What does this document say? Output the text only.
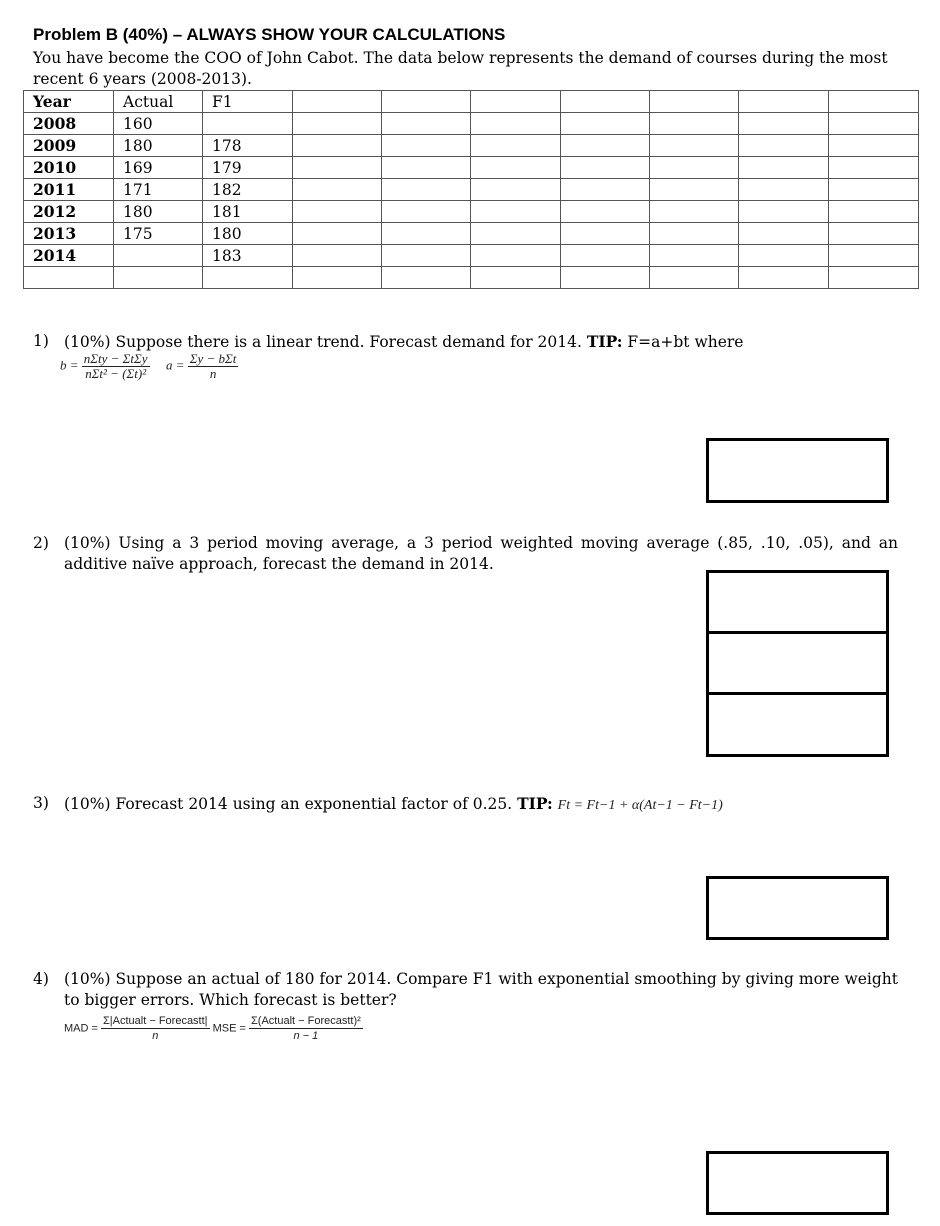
Problem B (40%) – ALWAYS SHOW YOUR CALCULATIONS
You have become the COO of John Cabot. The data below represents the demand of courses during the most recent 6 years (2008-2013).
Year	Actual	F1							
2008	160								
2009	180	178							
2010	169	179							
2011	171	182							
2012	180	181							
2013	175	180							
2014		183							

1) (10%) Suppose there is a linear trend. Forecast demand for 2014. TIP: F=a+bt where
$b = \frac{\text{nΣty − ΣtΣy}}{\text{nΣt² − (Σt)²}}$ $a = \frac{\text{Σy − bΣt}}{n}$
2) (10%) Using a 3 period moving average, a 3 period weighted moving average (.85, .10, .05), and an additive naïve approach, forecast the demand in 2014.
3) (10%) Forecast 2014 using an exponential factor of 0.25. TIP: Ft = Ft−1 + α(At−1 − Ft−1)
4) (10%) Suppose an actual of 180 for 2014. Compare F1 with exponential smoothing by giving more weight to bigger errors. Which forecast is better?
MAD = $\frac{\text{Σ|Actualt − Forecastt|}}{n}$ MSE = $\frac{\text{Σ(Actualt − Forecastt)²}}{n - 1}$
